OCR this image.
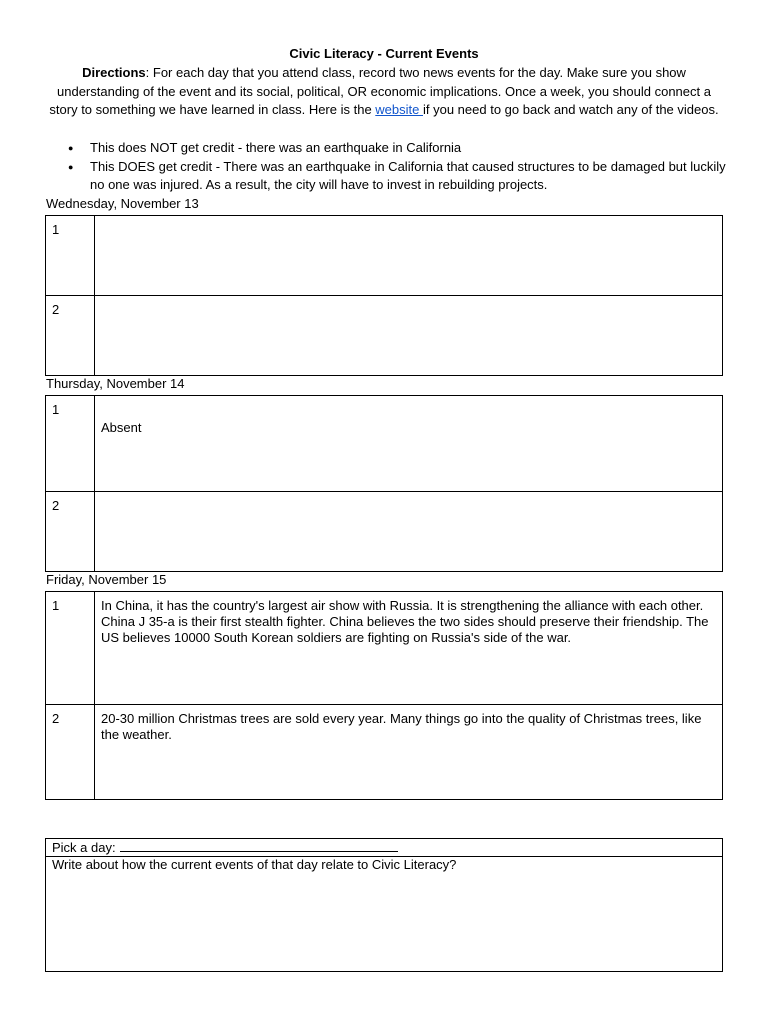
Civic Literacy - Current Events
Directions: For each day that you attend class, record two news events for the day. Make sure you show understanding of the event and its social, political, OR economic implications. Once a week, you should connect a story to something we have learned in class. Here is the website if you need to go back and watch any of the videos.
● This does NOT get credit - there was an earthquake in California
● This DOES get credit - There was an earthquake in California that caused structures to be damaged but luckily no one was injured. As a result, the city will have to invest in rebuilding projects.
Wednesday, November 13
1	
2	
Thursday, November 14
1	Absent

2	
Friday, November 15
1	In China, it has the country's largest air show with Russia. It is strengthening the alliance with each other. China J 35-a is their first stealth fighter. China believes the two sides should preserve their friendship. The US believes 10000 South Korean soldiers are fighting on Russia's side of the war.
2	20-30 million Christmas trees are sold every year. Many things go into the quality of Christmas trees, like the weather.
Pick a day:
Write about how the current events of that day relate to Civic Literacy?
